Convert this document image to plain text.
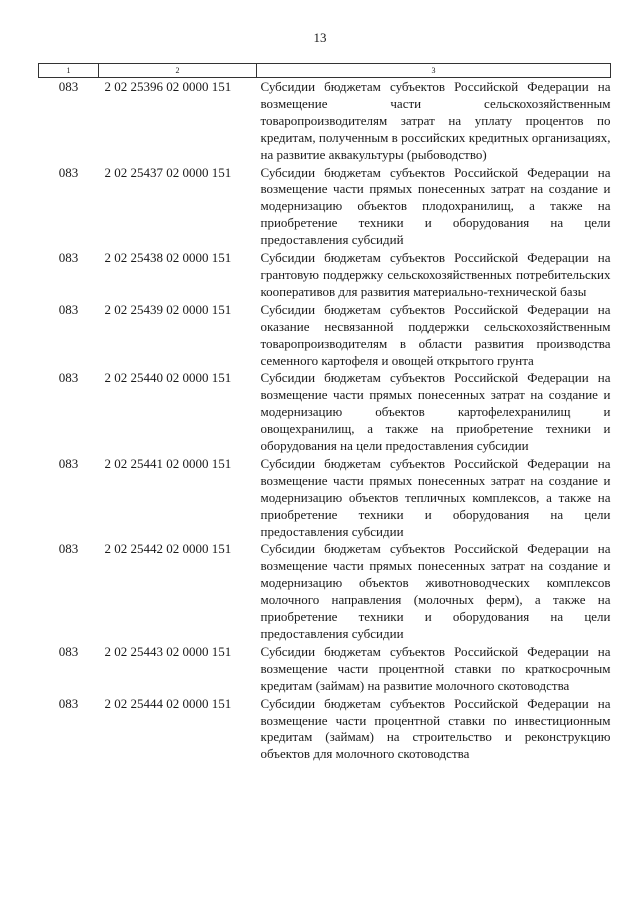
13
1	2	3
083	2 02 25396 02 0000 151	Субсидии бюджетам субъектов Российской Федерации на возмещение части сельскохозяйственным товаропроизводителям затрат на уплату процентов по кредитам, полученным в российских кредитных организациях, на развитие аквакультуры (рыбоводство)
083	2 02 25437 02 0000 151	Субсидии бюджетам субъектов Российской Федерации на возмещение части прямых понесенных затрат на создание и модернизацию объектов плодохранилищ, а также на приобретение техники и оборудования на цели предоставления субсидий
083	2 02 25438 02 0000 151	Субсидии бюджетам субъектов Российской Федерации на грантовую поддержку сельскохозяйственных потребительских кооперативов для развития материально-технической базы
083	2 02 25439 02 0000 151	Субсидии бюджетам субъектов Российской Федерации на оказание несвязанной поддержки сельскохозяйственным товаропроизводителям в области развития производства семенного картофеля и овощей открытого грунта
083	2 02 25440 02 0000 151	Субсидии бюджетам субъектов Российской Федерации на возмещение части прямых понесенных затрат на создание и модернизацию объектов картофелехранилищ и овощехранилищ, а также на приобретение техники и оборудования на цели предоставления субсидии
083	2 02 25441 02 0000 151	Субсидии бюджетам субъектов Российской Федерации на возмещение части прямых понесенных затрат на создание и модернизацию объектов тепличных комплексов, а также на приобретение техники и оборудования на цели предоставления субсидии
083	2 02 25442 02 0000 151	Субсидии бюджетам субъектов Российской Федерации на возмещение части прямых понесенных затрат на создание и модернизацию объектов животноводческих комплексов молочного направления (молочных ферм), а также на приобретение техники и оборудования на цели предоставления субсидии
083	2 02 25443 02 0000 151	Субсидии бюджетам субъектов Российской Федерации на возмещение части процентной ставки по краткосрочным кредитам (займам) на развитие молочного скотоводства
083	2 02 25444 02 0000 151	Субсидии бюджетам субъектов Российской Федерации на возмещение части процентной ставки по инвестиционным кредитам (займам) на строительство и реконструкцию объектов для молочного скотоводства
